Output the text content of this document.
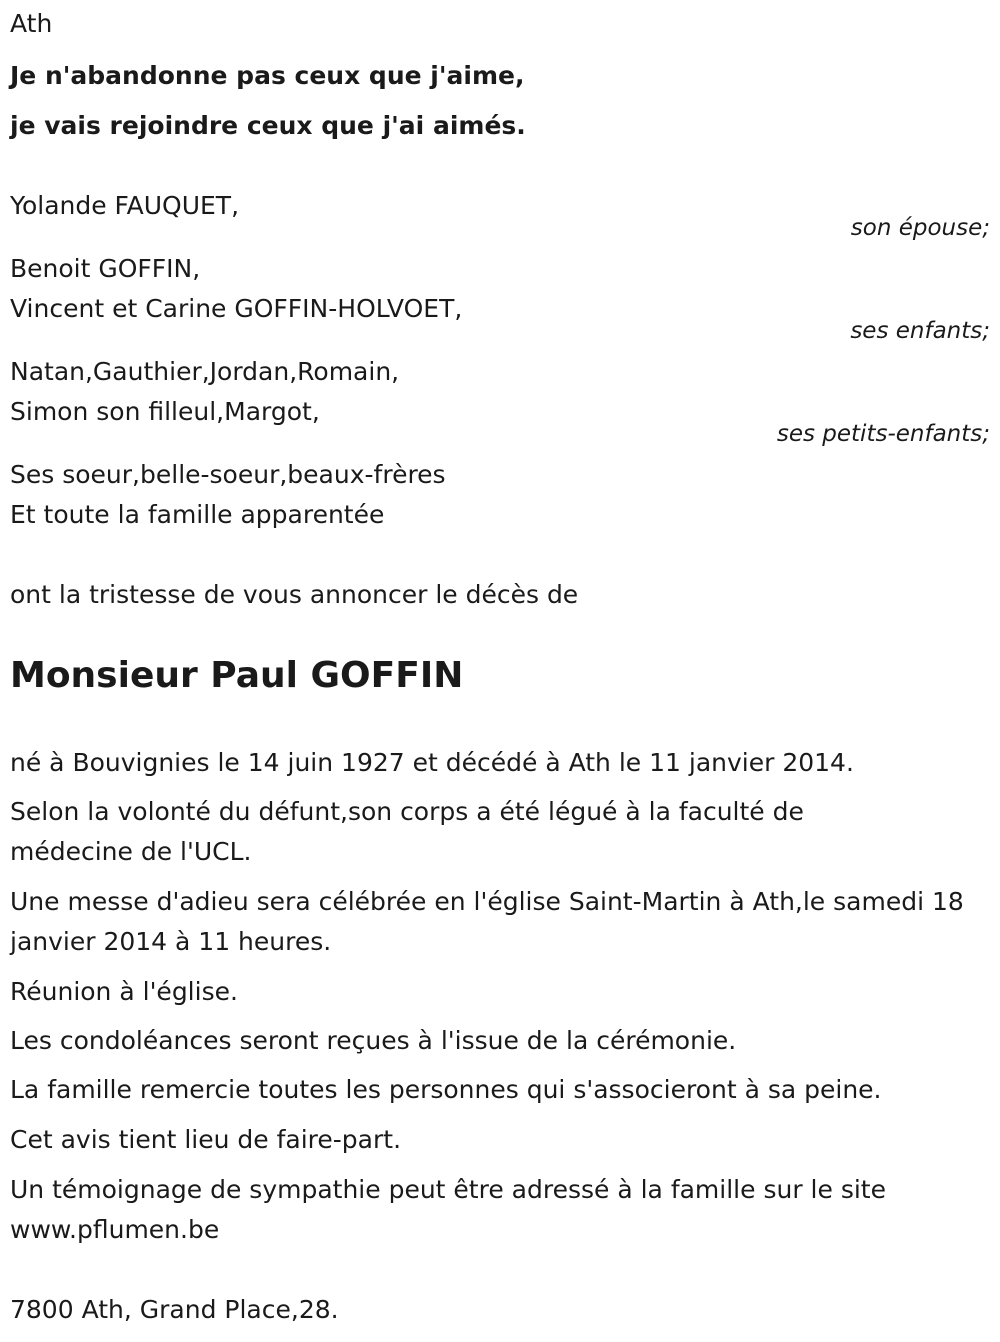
Ath
Je n'abandonne pas ceux que j'aime,
je vais rejoindre ceux que j'ai aimés.
Yolande FAUQUET,
son épouse;
Benoit GOFFIN,
Vincent et Carine GOFFIN-HOLVOET,
ses enfants;
Natan,Gauthier,Jordan,Romain,
Simon son filleul,Margot,
ses petits-enfants;
Ses soeur,belle-soeur,beaux-frères
Et toute la famille apparentée
ont la tristesse de vous annoncer le décès de
Monsieur Paul GOFFIN
né à Bouvignies le 14 juin 1927 et décédé à Ath le 11 janvier 2014.
Selon la volonté du défunt,son corps a été légué à la faculté de médecine de l'UCL.
Une messe d'adieu sera célébrée en l'église Saint-Martin à Ath,le samedi 18 janvier 2014 à 11 heures.
Réunion à l'église.
Les condoléances seront reçues à l'issue de la cérémonie.
La famille remercie toutes les personnes qui s'associeront à sa peine.
Cet avis tient lieu de faire-part.
Un témoignage de sympathie peut être adressé à la famille sur le site www.pflumen.be
7800 Ath, Grand Place,28.
